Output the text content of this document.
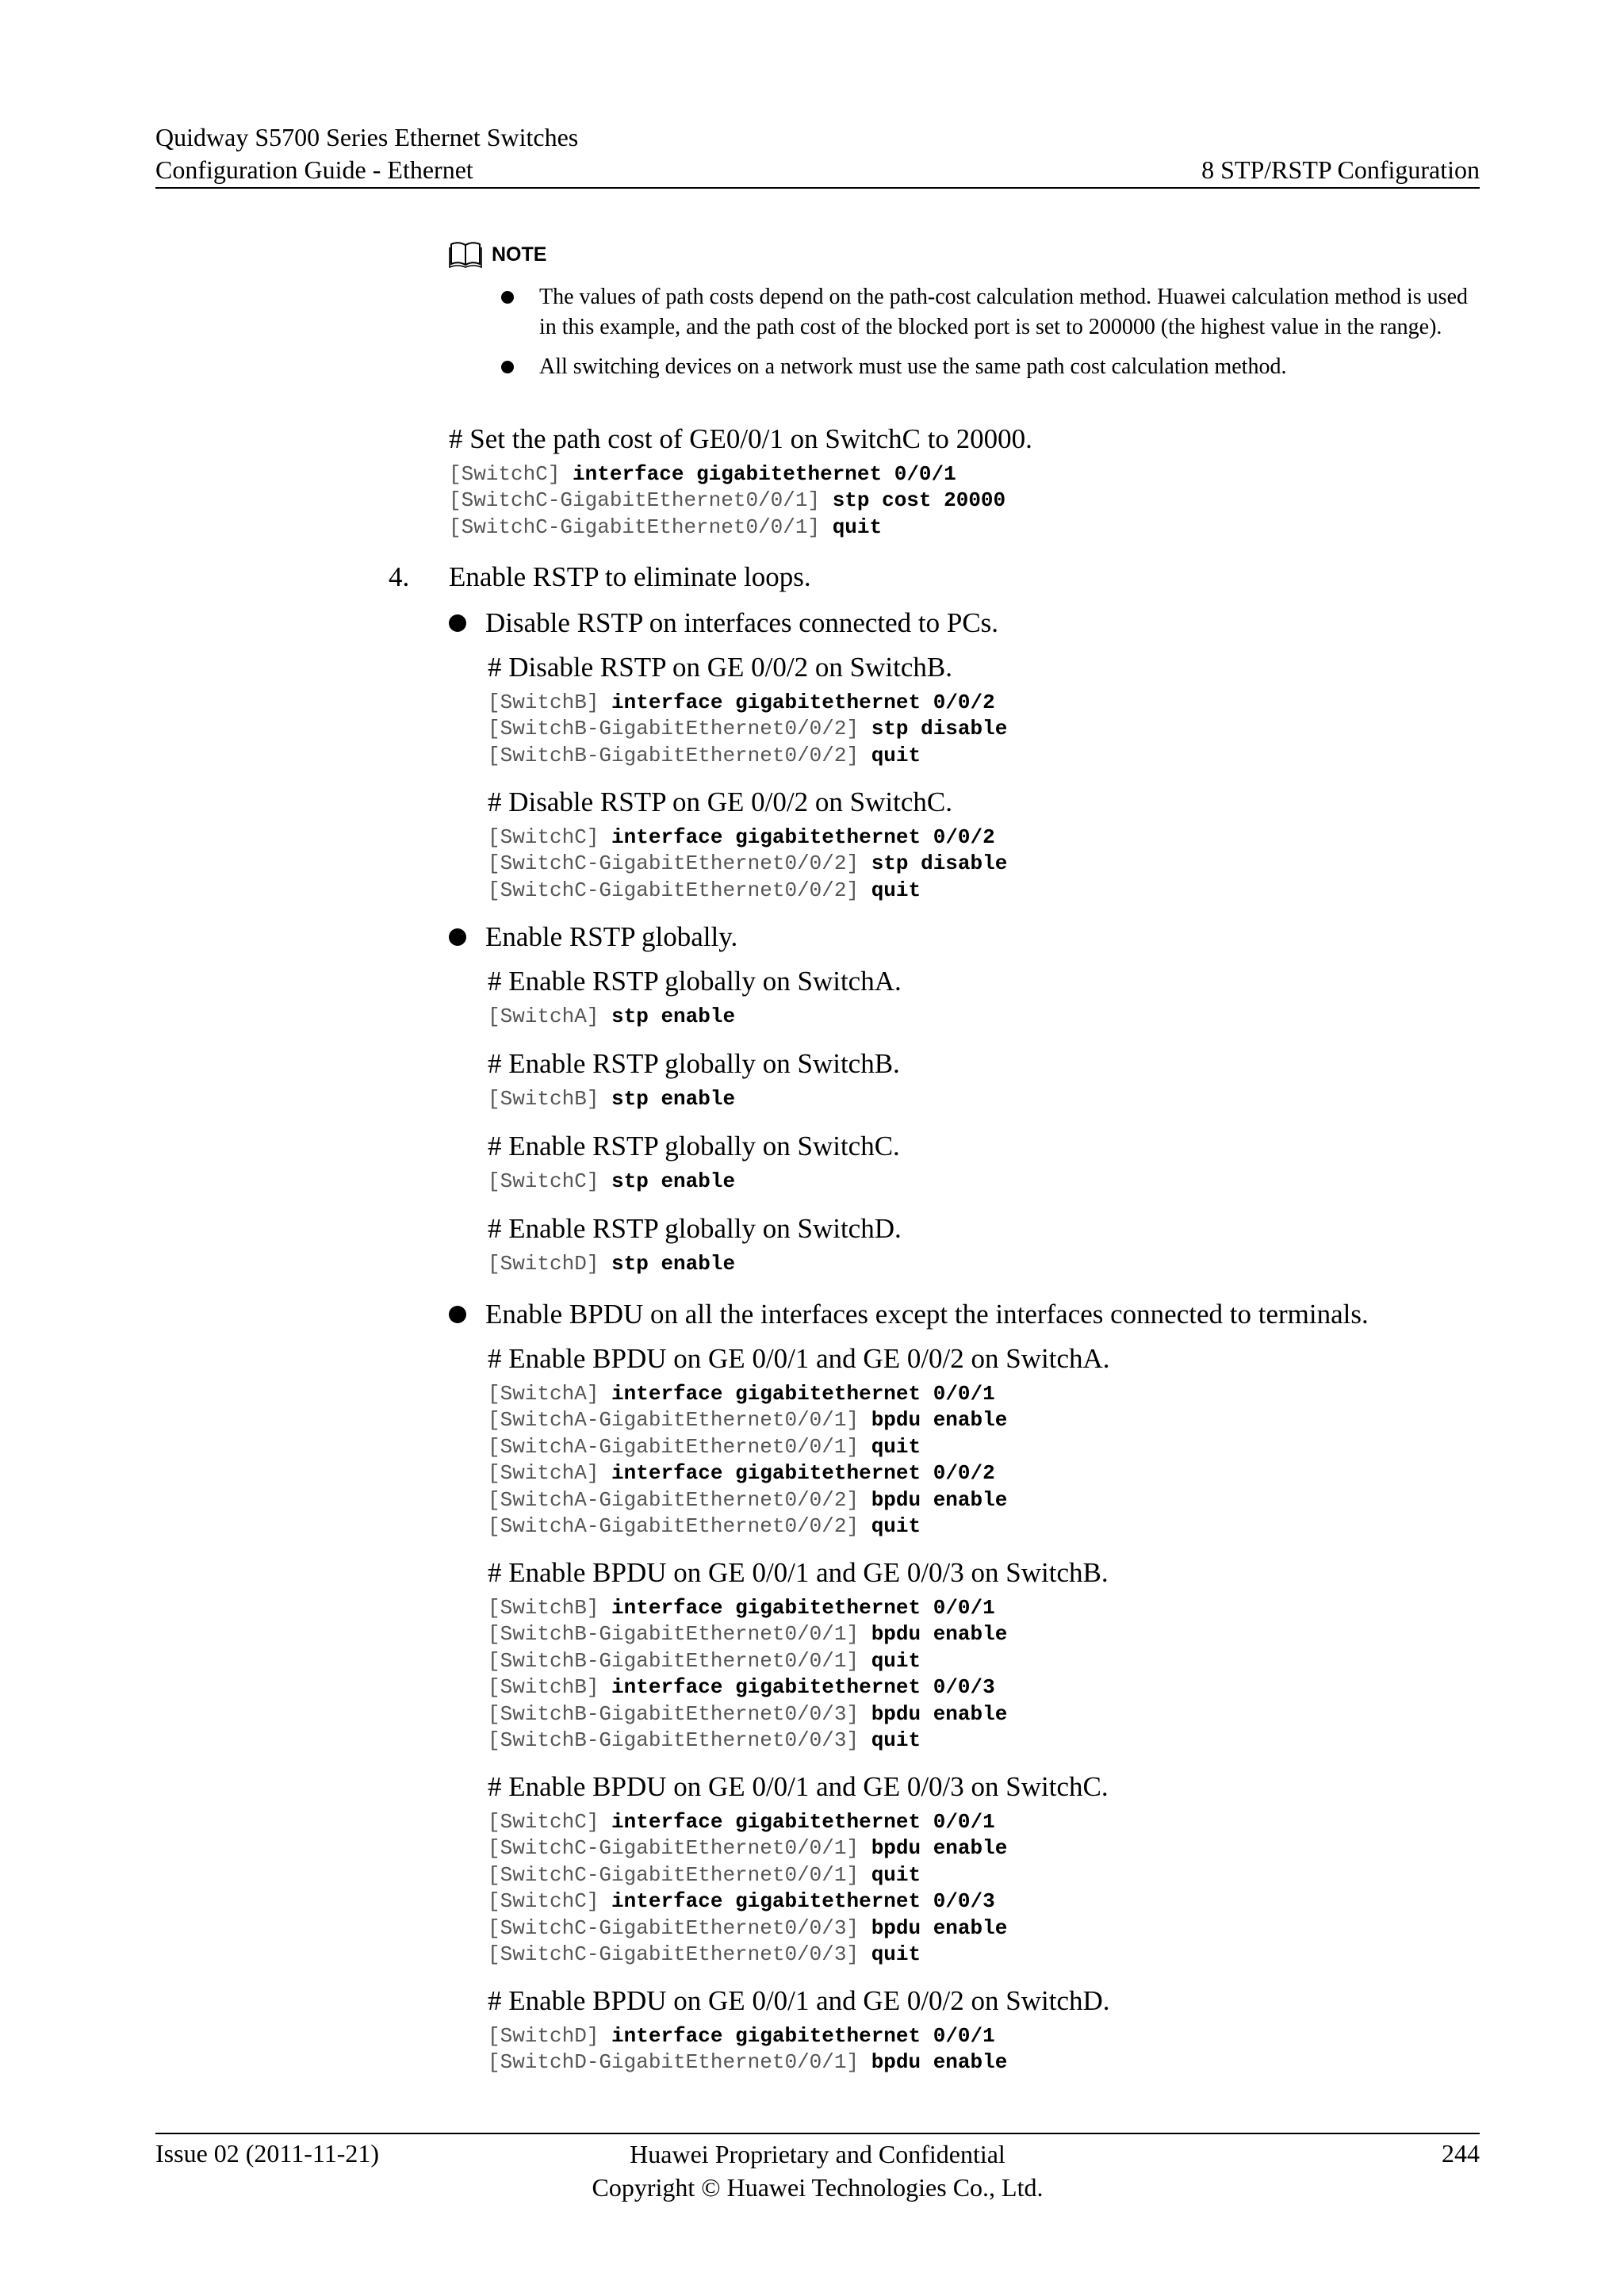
Quidway S5700 Series Ethernet Switches
Configuration Guide - Ethernet	8 STP/RSTP Configuration
NOTE
The values of path costs depend on the path-cost calculation method. Huawei calculation method is used in this example, and the path cost of the blocked port is set to 200000 (the highest value in the range).
All switching devices on a network must use the same path cost calculation method.

# Set the path cost of GE0/0/1 on SwitchC to 20000.

[SwitchC] interface gigabitethernet 0/0/1

[SwitchC-GigabitEthernet0/0/1] stp cost 20000

[SwitchC-GigabitEthernet0/0/1] quit

4. Enable RSTP to eliminate loops.
Disable RSTP on interfaces connected to PCs.

# Disable RSTP on GE 0/0/2 on SwitchB.

[SwitchB] interface gigabitethernet 0/0/2

[SwitchB-GigabitEthernet0/0/2] stp disable

[SwitchB-GigabitEthernet0/0/2] quit

# Disable RSTP on GE 0/0/2 on SwitchC.

[SwitchC] interface gigabitethernet 0/0/2

[SwitchC-GigabitEthernet0/0/2] stp disable

[SwitchC-GigabitEthernet0/0/2] quit

Enable RSTP globally.

# Enable RSTP globally on SwitchA.

[SwitchA] stp enable

# Enable RSTP globally on SwitchB.

[SwitchB] stp enable

# Enable RSTP globally on SwitchC.

[SwitchC] stp enable

# Enable RSTP globally on SwitchD.

[SwitchD] stp enable

Enable BPDU on all the interfaces except the interfaces connected to terminals.

# Enable BPDU on GE 0/0/1 and GE 0/0/2 on SwitchA.

[SwitchA] interface gigabitethernet 0/0/1

[SwitchA-GigabitEthernet0/0/1] bpdu enable

[SwitchA-GigabitEthernet0/0/1] quit

[SwitchA] interface gigabitethernet 0/0/2

[SwitchA-GigabitEthernet0/0/2] bpdu enable

[SwitchA-GigabitEthernet0/0/2] quit

# Enable BPDU on GE 0/0/1 and GE 0/0/3 on SwitchB.

[SwitchB] interface gigabitethernet 0/0/1

[SwitchB-GigabitEthernet0/0/1] bpdu enable

[SwitchB-GigabitEthernet0/0/1] quit

[SwitchB] interface gigabitethernet 0/0/3

[SwitchB-GigabitEthernet0/0/3] bpdu enable

[SwitchB-GigabitEthernet0/0/3] quit

# Enable BPDU on GE 0/0/1 and GE 0/0/3 on SwitchC.

[SwitchC] interface gigabitethernet 0/0/1

[SwitchC-GigabitEthernet0/0/1] bpdu enable

[SwitchC-GigabitEthernet0/0/1] quit

[SwitchC] interface gigabitethernet 0/0/3

[SwitchC-GigabitEthernet0/0/3] bpdu enable

[SwitchC-GigabitEthernet0/0/3] quit

# Enable BPDU on GE 0/0/1 and GE 0/0/2 on SwitchD.

[SwitchD] interface gigabitethernet 0/0/1

[SwitchD-GigabitEthernet0/0/1] bpdu enable

Issue 02 (2011-11-21)	Huawei Proprietary and Confidential
Copyright © Huawei Technologies Co., Ltd.
244
